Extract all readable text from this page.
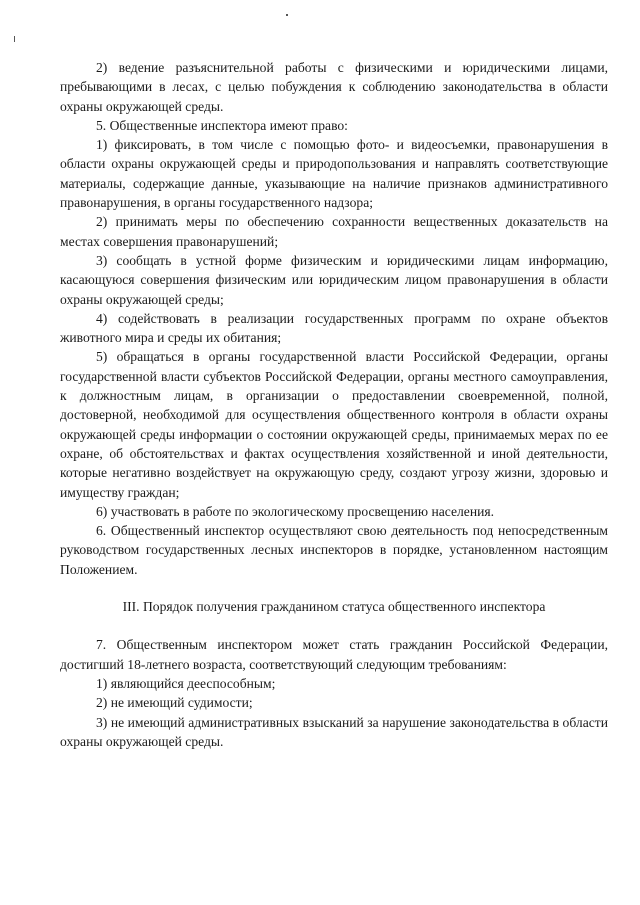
2) ведение разъяснительной работы с физическими и юридическими лицами, пребывающими в лесах, с целью побуждения к соблюдению законодательства в области охраны окружающей среды.

5. Общественные инспектора имеют право:

1) фиксировать, в том числе с помощью фото- и видеосъемки, правонарушения в области охраны окружающей среды и природопользования и направлять соответствующие материалы, содержащие данные, указывающие на наличие признаков административного правонарушения, в органы государственного надзора;

2) принимать меры по обеспечению сохранности вещественных доказательств на местах совершения правонарушений;

3) сообщать в устной форме физическим и юридическими лицам информацию, касающуюся совершения физическим или юридическим лицом правонарушения в области охраны окружающей среды;

4) содействовать в реализации государственных программ по охране объектов животного мира и среды их обитания;

5) обращаться в органы государственной власти Российской Федерации, органы государственной власти субъектов Российской Федерации, органы местного самоуправления, к должностным лицам, в организации о предоставлении своевременной, полной, достоверной, необходимой для осуществления общественного контроля в области охраны окружающей среды информации о состоянии окружающей среды, принимаемых мерах по ее охране, об обстоятельствах и фактах осуществления хозяйственной и иной деятельности, которые негативно воздействует на окружающую среду, создают угрозу жизни, здоровью и имуществу граждан;

6) участвовать в работе по экологическому просвещению населения.

6. Общественный инспектор осуществляют свою деятельность под непосредственным руководством государственных лесных инспекторов в порядке, установленном настоящим Положением.

III. Порядок получения гражданином статуса общественного инспектора

7. Общественным инспектором может стать гражданин Российской Федерации, достигший 18-летнего возраста, соответствующий следующим требованиям:

1) являющийся дееспособным;

2) не имеющий судимости;

3) не имеющий административных взысканий за нарушение законодательства в области охраны окружающей среды.
